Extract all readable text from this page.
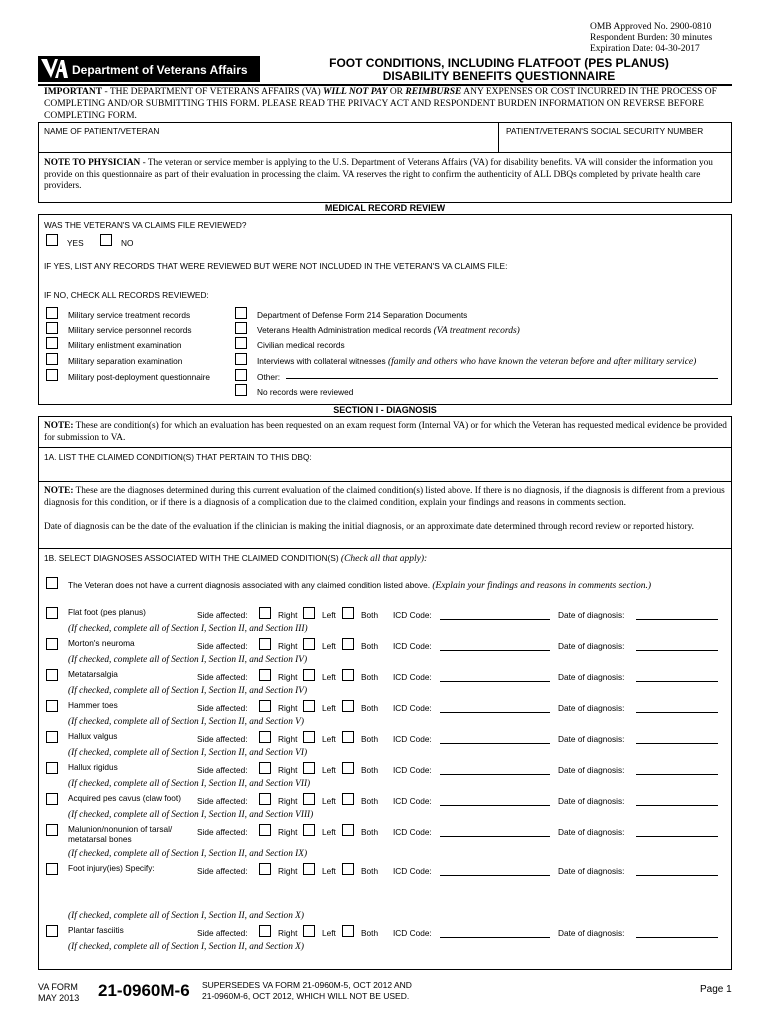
OMB Approved No. 2900-0810
Respondent Burden: 30 minutes
Expiration Date: 04-30-2017
Department of Veterans Affairs	FOOT CONDITIONS, INCLUDING FLATFOOT (PES PLANUS)
DISABILITY BENEFITS QUESTIONNAIRE
IMPORTANT - THE DEPARTMENT OF VETERANS AFFAIRS (VA) WILL NOT PAY OR REIMBURSE ANY EXPENSES OR COST INCURRED IN THE PROCESS OF COMPLETING AND/OR SUBMITTING THIS FORM. PLEASE READ THE PRIVACY ACT AND RESPONDENT BURDEN INFORMATION ON REVERSE BEFORE COMPLETING FORM.
NAME OF PATIENT/VETERAN	PATIENT/VETERAN'S SOCIAL SECURITY NUMBER
NOTE TO PHYSICIAN - The veteran or service member is applying to the U.S. Department of Veterans Affairs (VA) for disability benefits. VA will consider the information you provide on this questionnaire as part of their evaluation in processing the claim. VA reserves the right to confirm the authenticity of ALL DBQs completed by private health care providers.
MEDICAL RECORD REVIEW
WAS THE VETERAN'S VA CLAIMS FILE REVIEWED?
YES	NO
IF YES, LIST ANY RECORDS THAT WERE REVIEWED BUT WERE NOT INCLUDED IN THE VETERAN'S VA CLAIMS FILE:
IF NO, CHECK ALL RECORDS REVIEWED:
Military service treatment records
Military service personnel records
Military enlistment examination
Military separation examination
Military post-deployment questionnaire
Department of Defense Form 214 Separation Documents
Veterans Health Administration medical records (VA treatment records)
Civilian medical records
Interviews with collateral witnesses (family and others who have known the veteran before and after military service)
Other:
No records were reviewed
SECTION I - DIAGNOSIS
NOTE: These are condition(s) for which an evaluation has been requested on an exam request form (Internal VA) or for which the Veteran has requested medical evidence be provided for submission to VA.
1A. LIST THE CLAIMED CONDITION(S) THAT PERTAIN TO THIS DBQ:
NOTE: These are the diagnoses determined during this current evaluation of the claimed condition(s) listed above. If there is no diagnosis, if the diagnosis is different from a previous diagnosis for this condition, or if there is a diagnosis of a complication due to the claimed condition, explain your findings and reasons in comments section.
Date of diagnosis can be the date of the evaluation if the clinician is making the initial diagnosis, or an approximate date determined through record review or reported history.
1B. SELECT DIAGNOSES ASSOCIATED WITH THE CLAIMED CONDITION(S) (Check all that apply):
The Veteran does not have a current diagnosis associated with any claimed condition listed above. (Explain your findings and reasons in comments section.)
Flat foot (pes planus)	Side affected:	Right	Left	Both ICD Code:	Date of diagnosis:
(If checked, complete all of Section I, Section II, and Section III)
Morton's neuroma	Side affected:	Right	Left	Both ICD Code:	Date of diagnosis:
(If checked, complete all of Section I, Section II, and Section IV)
Metatarsalgia	Side affected:	Right	Left	Both ICD Code:	Date of diagnosis:
(If checked, complete all of Section I, Section II, and Section IV)
Hammer toes	Side affected:	Right	Left	Both ICD Code:	Date of diagnosis:
(If checked, complete all of Section I, Section II, and Section V)
Hallux valgus	Side affected:	Right	Left	Both ICD Code:	Date of diagnosis:
(If checked, complete all of Section I, Section II, and Section VI)
Hallux rigidus	Side affected:	Right	Left	Both ICD Code:	Date of diagnosis:
(If checked, complete all of Section I, Section II, and Section VII)
Acquired pes cavus (claw foot) Side affected:	Right	Left	Both ICD Code:	Date of diagnosis:
(If checked, complete all of Section I, Section II, and Section VIII)
Malunion/nonunion of tarsal/
metatarsal bones
Side affected:	Right	Left	Both ICD Code:	Date of diagnosis:
(If checked, complete all of Section I, Section II, and Section IX)
Foot injury(ies) Specify:	Side affected:	Right	Left	Both ICD Code:	Date of diagnosis:
(If checked, complete all of Section I, Section II, and Section X)
Plantar fasciitis	Side affected:	Right	Left	Both ICD Code:	Date of diagnosis:
(If checked, complete all of Section I, Section II, and Section X)
VA FORM
MAY 2013 21-0960M-6 SUPERSEDES VA FORM 21-0960M-5, OCT 2012 AND
21-0960M-6, OCT 2012, WHICH WILL NOT BE USED.
Page 1
